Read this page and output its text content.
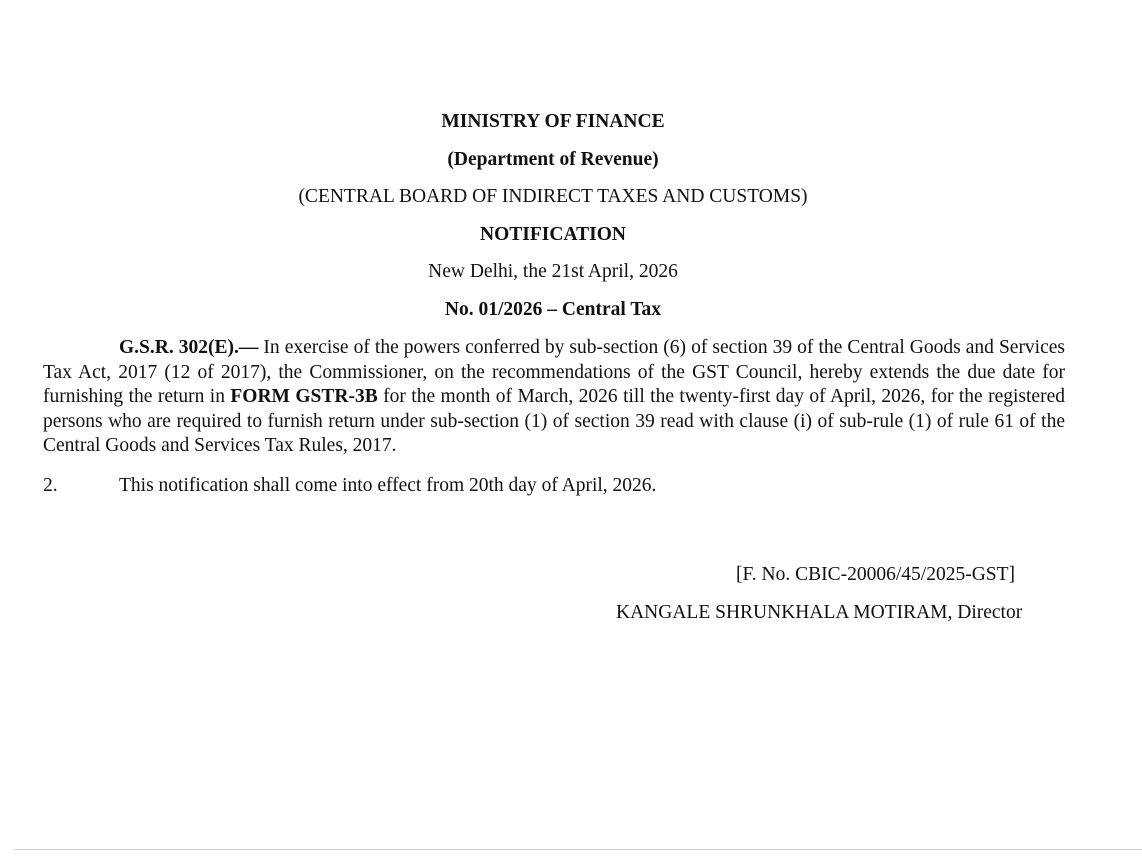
MINISTRY OF FINANCE
(Department of Revenue)
(CENTRAL BOARD OF INDIRECT TAXES AND CUSTOMS)
NOTIFICATION
New Delhi, the 21st April, 2026
No. 01/2026 – Central Tax

G.S.R. 302(E).— In exercise of the powers conferred by sub-section (6) of section 39 of the Central Goods and Services Tax Act, 2017 (12 of 2017), the Commissioner, on the recommendations of the GST Council, hereby extends the due date for furnishing the return in FORM GSTR-3B for the month of March, 2026 till the twenty-first day of April, 2026, for the registered persons who are required to furnish return under sub-section (1) of section 39 read with clause (i) of sub-rule (1) of rule 61 of the Central Goods and Services Tax Rules, 2017.

2.	This notification shall come into effect from 20th day of April, 2026.
[F. No. CBIC-20006/45/2025-GST]
KANGALE SHRUNKHALA MOTIRAM, Director
